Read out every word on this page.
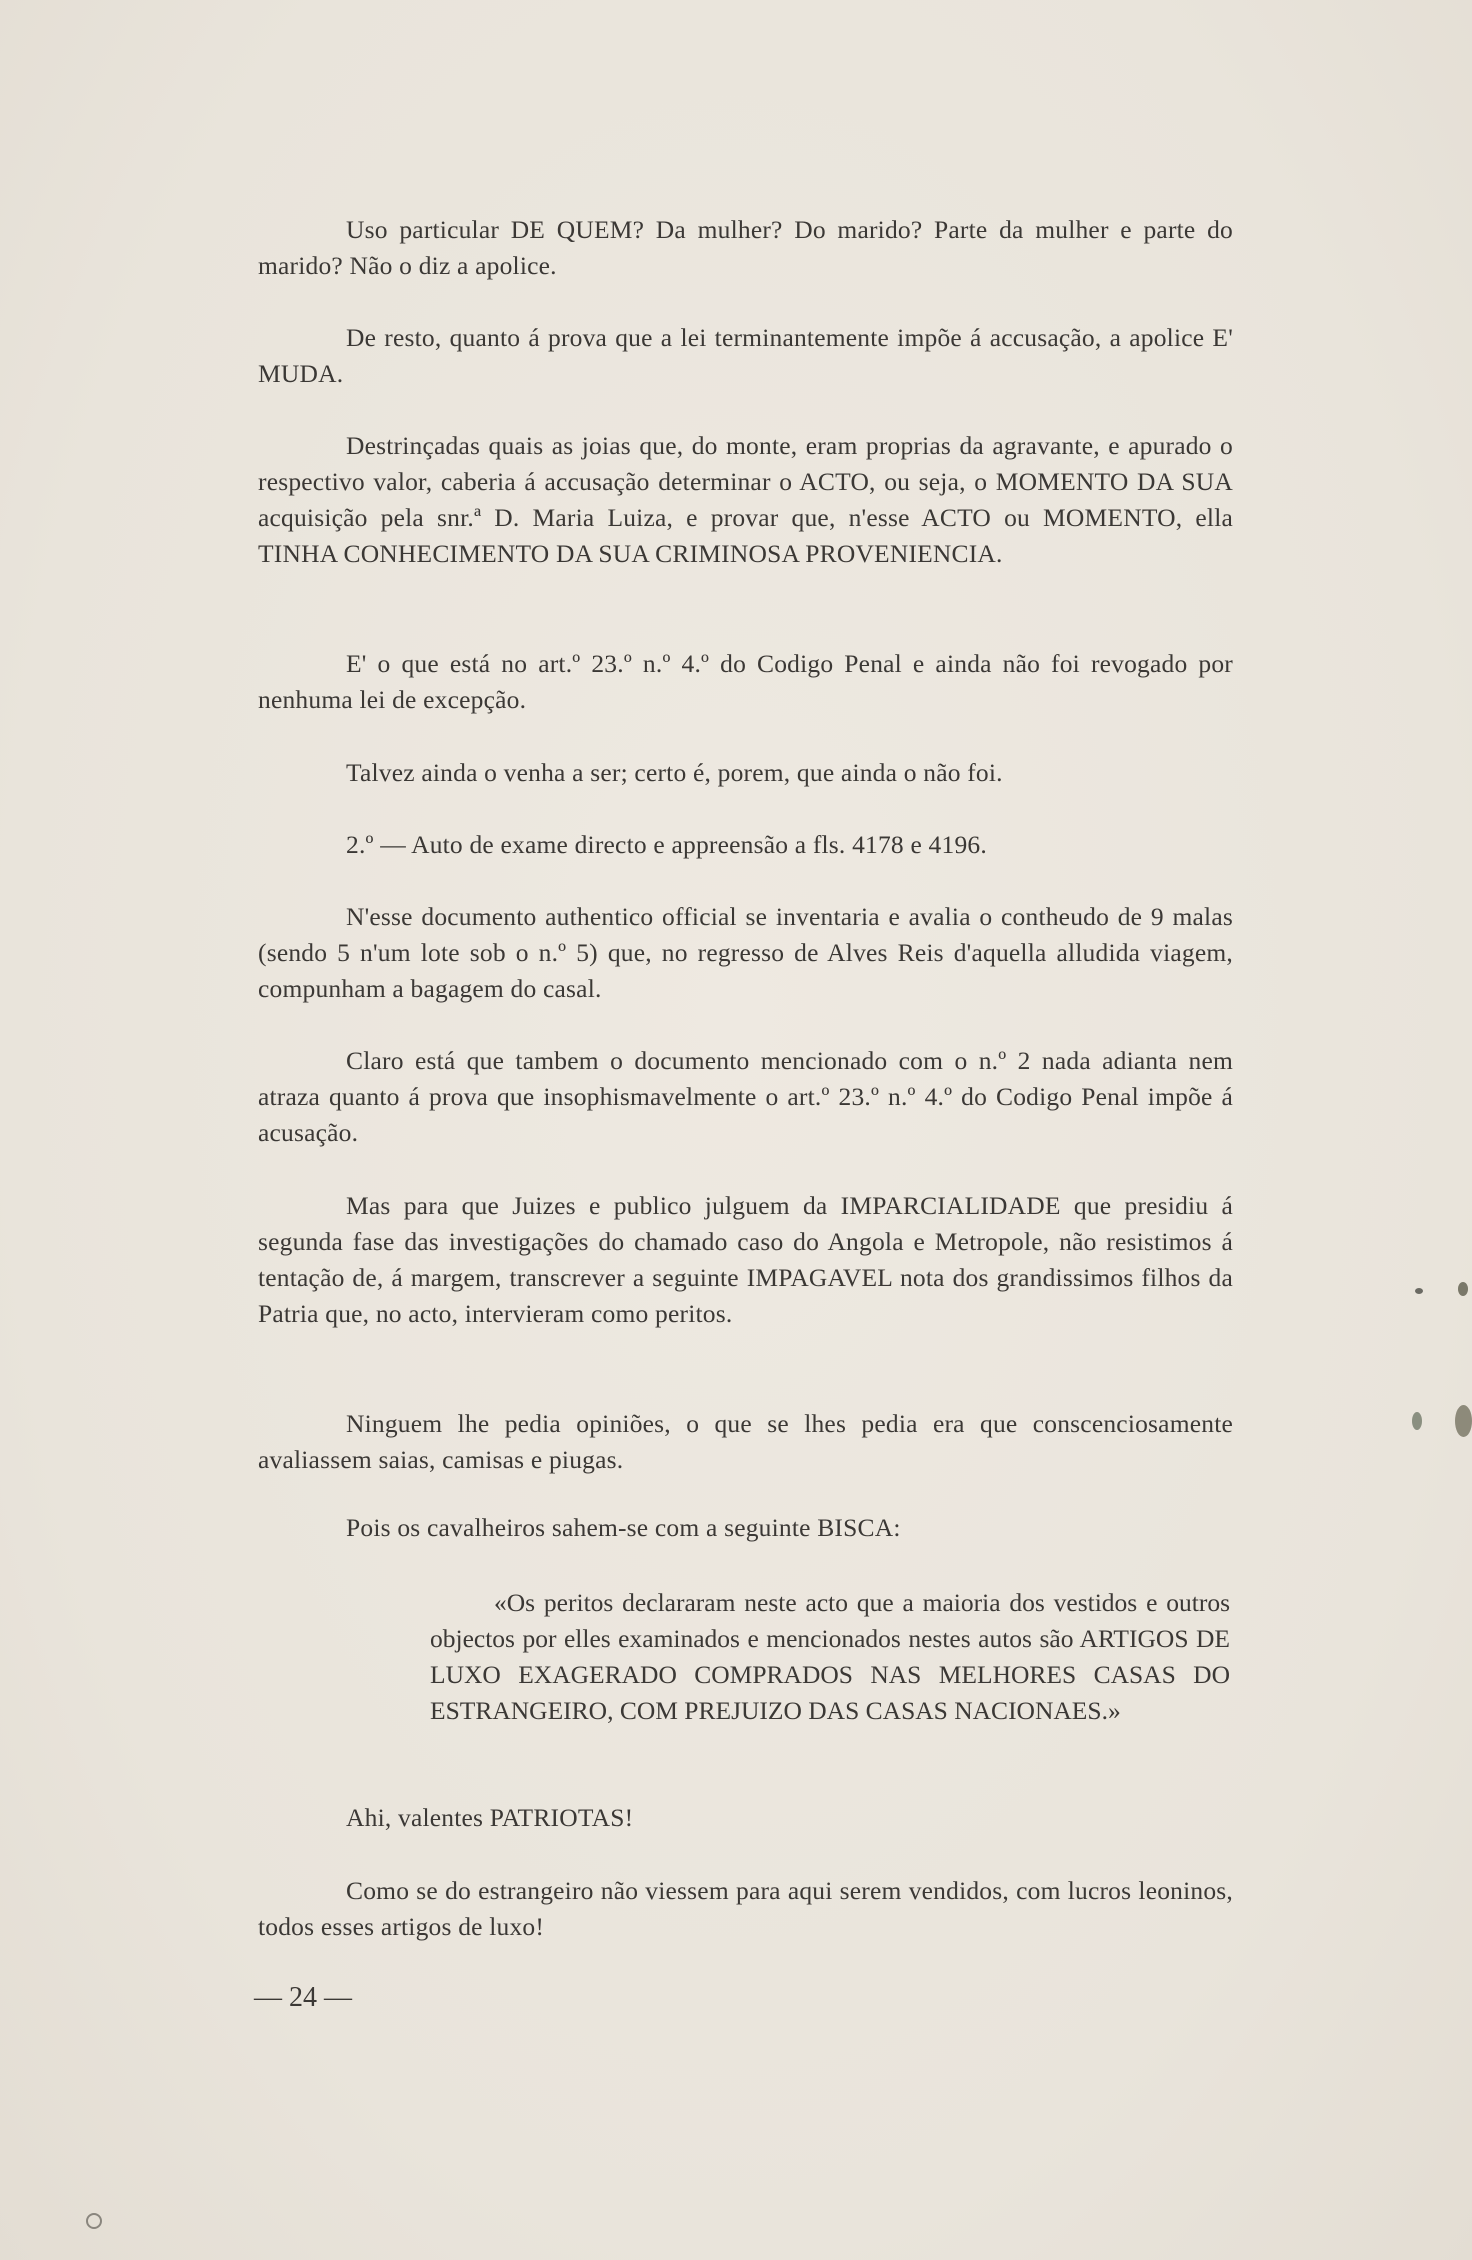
Uso particular DE QUEM? Da mulher? Do marido? Parte da mulher e parte do marido? Não o diz a apolice.

De resto, quanto á prova que a lei terminantemente impõe á accusação, a apolice E' MUDA.

Destrinçadas quais as joias que, do monte, eram proprias da agravante, e apurado o respectivo valor, caberia á accusação determinar o ACTO, ou seja, o MOMENTO DA SUA acquisição pela snr.ª D. Maria Luiza, e provar que, n'esse ACTO ou MOMENTO, ella TINHA CONHECIMENTO DA SUA CRIMINOSA PROVENIENCIA.

E' o que está no art.º 23.º n.º 4.º do Codigo Penal e ainda não foi revogado por nenhuma lei de excepção.

Talvez ainda o venha a ser; certo é, porem, que ainda o não foi.

2.º — Auto de exame directo e appreensão a fls. 4178 e 4196.

N'esse documento authentico official se inventaria e avalia o contheudo de 9 malas (sendo 5 n'um lote sob o n.º 5) que, no regresso de Alves Reis d'aquella alludida viagem, compunham a bagagem do casal.

Claro está que tambem o documento mencionado com o n.º 2 nada adianta nem atraza quanto á prova que insophismavelmente o art.º 23.º n.º 4.º do Codigo Penal impõe á acusação.

Mas para que Juizes e publico julguem da IMPARCIALIDADE que presidiu á segunda fase das investigações do chamado caso do Angola e Metropole, não resistimos á tentação de, á margem, transcrever a seguinte IMPAGAVEL nota dos grandissimos filhos da Patria que, no acto, intervieram como peritos.

Ninguem lhe pedia opiniões, o que se lhes pedia era que conscenciosamente avaliassem saias, camisas e piugas.

Pois os cavalheiros sahem-se com a seguinte BISCA:

«Os peritos declararam neste acto que a maioria dos vestidos e outros objectos por elles examinados e mencionados nestes autos são ARTIGOS DE LUXO EXAGERADO COMPRADOS NAS MELHORES CASAS DO ESTRANGEIRO, COM PREJUIZO DAS CASAS NACIONAES.»

Ahi, valentes PATRIOTAS!

Como se do estrangeiro não viessem para aqui serem vendidos, com lucros leoninos, todos esses artigos de luxo!

— 24 —
